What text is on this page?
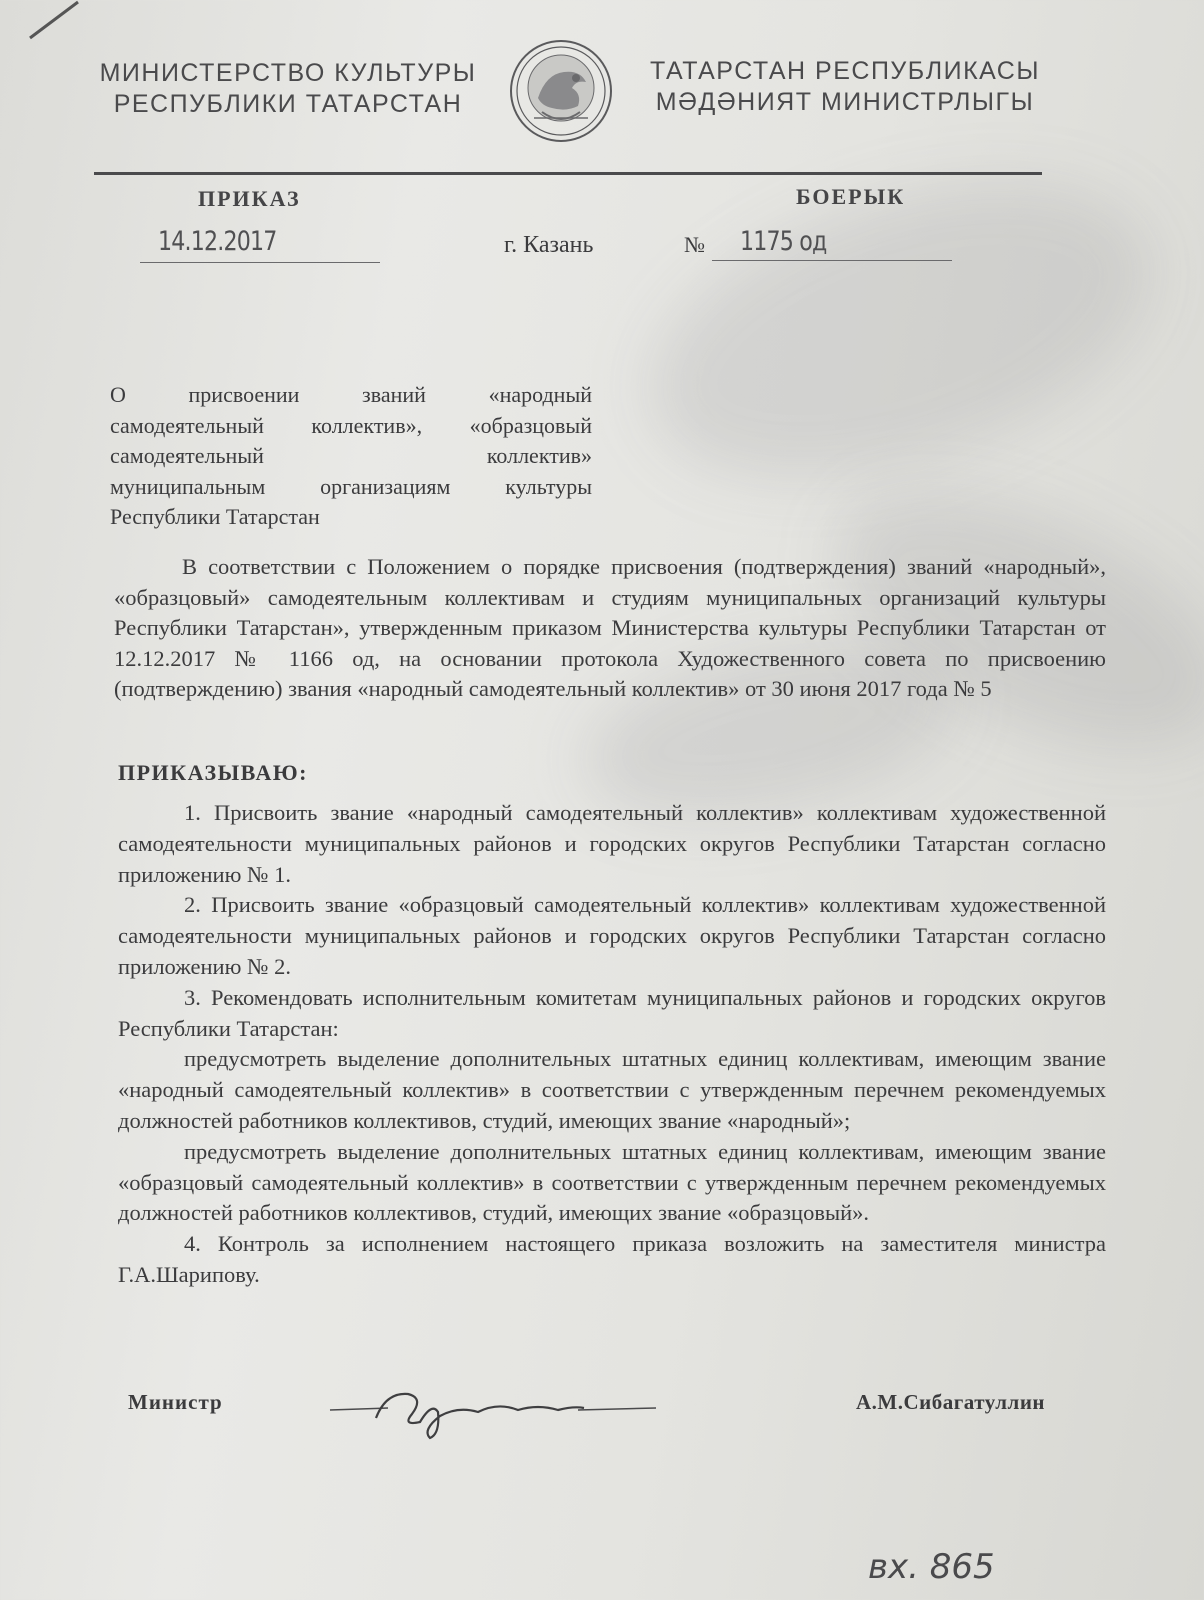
МИНИСТЕРСТВО КУЛЬТУРЫ
РЕСПУБЛИКИ ТАТАРСТАН
ТАТАРСТАН РЕСПУБЛИКАСЫ
МӘДӘНИЯТ МИНИСТРЛЫГЫ
ПРИКАЗ	БОЕРЫК
14.12.2017	г. Казань	№ 1175 од
О присвоении званий «народный
самодеятельный коллектив», «образцовый
самодеятельный коллектив»
муниципальным организациям культуры
Республики Татарстан

В соответствии с Положением о порядке присвоения (подтверждения) званий «народный», «образцовый» самодеятельным коллективам и студиям муниципальных организаций культуры Республики Татарстан», утвержденным приказом Министерства культуры Республики Татарстан от 12.12.2017 № 1166 од, на основании протокола Художественного совета по присвоению (подтверждению) звания «народный самодеятельный коллектив» от 30 июня 2017 года № 5

ПРИКАЗЫВАЮ:

1. Присвоить звание «народный самодеятельный коллектив» коллективам художественной самодеятельности муниципальных районов и городских округов Республики Татарстан согласно приложению № 1.

2. Присвоить звание «образцовый самодеятельный коллектив» коллективам художественной самодеятельности муниципальных районов и городских округов Республики Татарстан согласно приложению № 2.

3. Рекомендовать исполнительным комитетам муниципальных районов и городских округов Республики Татарстан:

предусмотреть выделение дополнительных штатных единиц коллективам, имеющим звание «народный самодеятельный коллектив» в соответствии с утвержденным перечнем рекомендуемых должностей работников коллективов, студий, имеющих звание «народный»;

предусмотреть выделение дополнительных штатных единиц коллективам, имеющим звание «образцовый самодеятельный коллектив» в соответствии с утвержденным перечнем рекомендуемых должностей работников коллективов, студий, имеющих звание «образцовый».

4. Контроль за исполнением настоящего приказа возложить на заместителя министра Г.А.Шарипову.

Министр	А.М.Сибагатуллин
вх. 865
